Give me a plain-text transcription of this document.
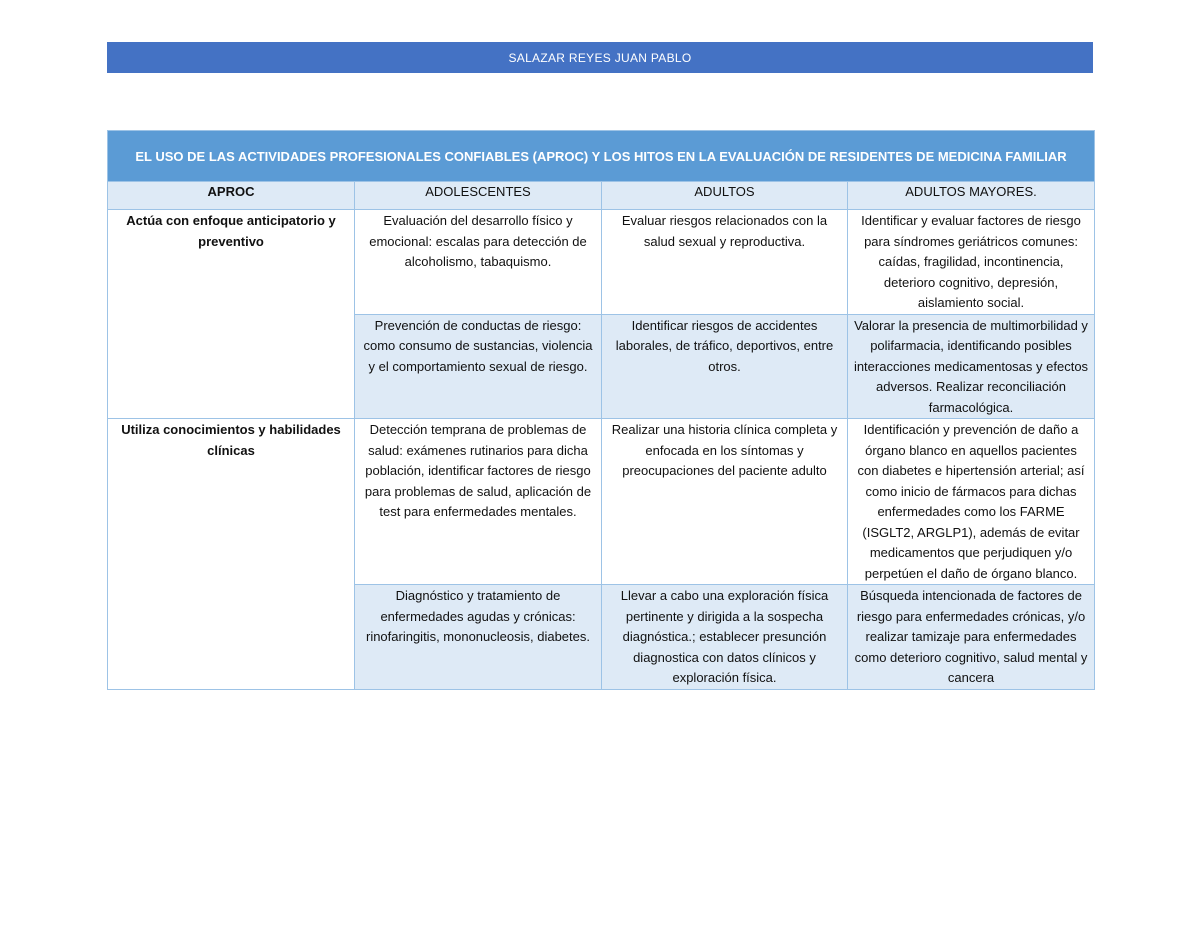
SALAZAR REYES JUAN PABLO
EL USO DE LAS ACTIVIDADES PROFESIONALES CONFIABLES (APROC) Y LOS HITOS EN LA EVALUACIÓN DE RESIDENTES DE MEDICINA FAMILIAR			
APROC	ADOLESCENTES	ADULTOS	ADULTOS MAYORES.
Actúa con enfoque anticipatorio y preventivo	Evaluación del desarrollo físico y emocional: escalas para detección de alcoholismo, tabaquismo.	Evaluar riesgos relacionados con la salud sexual y reproductiva.	Identificar y evaluar factores de riesgo para síndromes geriátricos comunes: caídas, fragilidad, incontinencia, deterioro cognitivo, depresión, aislamiento social.
	Prevención de conductas de riesgo: como consumo de sustancias, violencia y el comportamiento sexual de riesgo.	Identificar riesgos de accidentes laborales, de tráfico, deportivos, entre otros.	Valorar la presencia de multimorbilidad y polifarmacia, identificando posibles interacciones medicamentosas y efectos adversos. Realizar reconciliación farmacológica.
Utiliza conocimientos y habilidades clínicas	Detección temprana de problemas de salud: exámenes rutinarios para dicha población, identificar factores de riesgo para problemas de salud, aplicación de test para enfermedades mentales.	Realizar una historia clínica completa y enfocada en los síntomas y preocupaciones del paciente adulto	Identificación y prevención de daño a órgano blanco en aquellos pacientes con diabetes e hipertensión arterial; así como inicio de fármacos para dichas enfermedades como los FARME (ISGLT2, ARGLP1), además de evitar medicamentos que perjudiquen y/o perpetúen el daño de órgano blanco.
	Diagnóstico y tratamiento de enfermedades agudas y crónicas: rinofaringitis, mononucleosis, diabetes.	Llevar a cabo una exploración física pertinente y dirigida a la sospecha diagnóstica.; establecer presunción diagnostica con datos clínicos y exploración física.	Búsqueda intencionada de factores de riesgo para enfermedades crónicas, y/o realizar tamizaje para enfermedades como deterioro cognitivo, salud mental y cancera
